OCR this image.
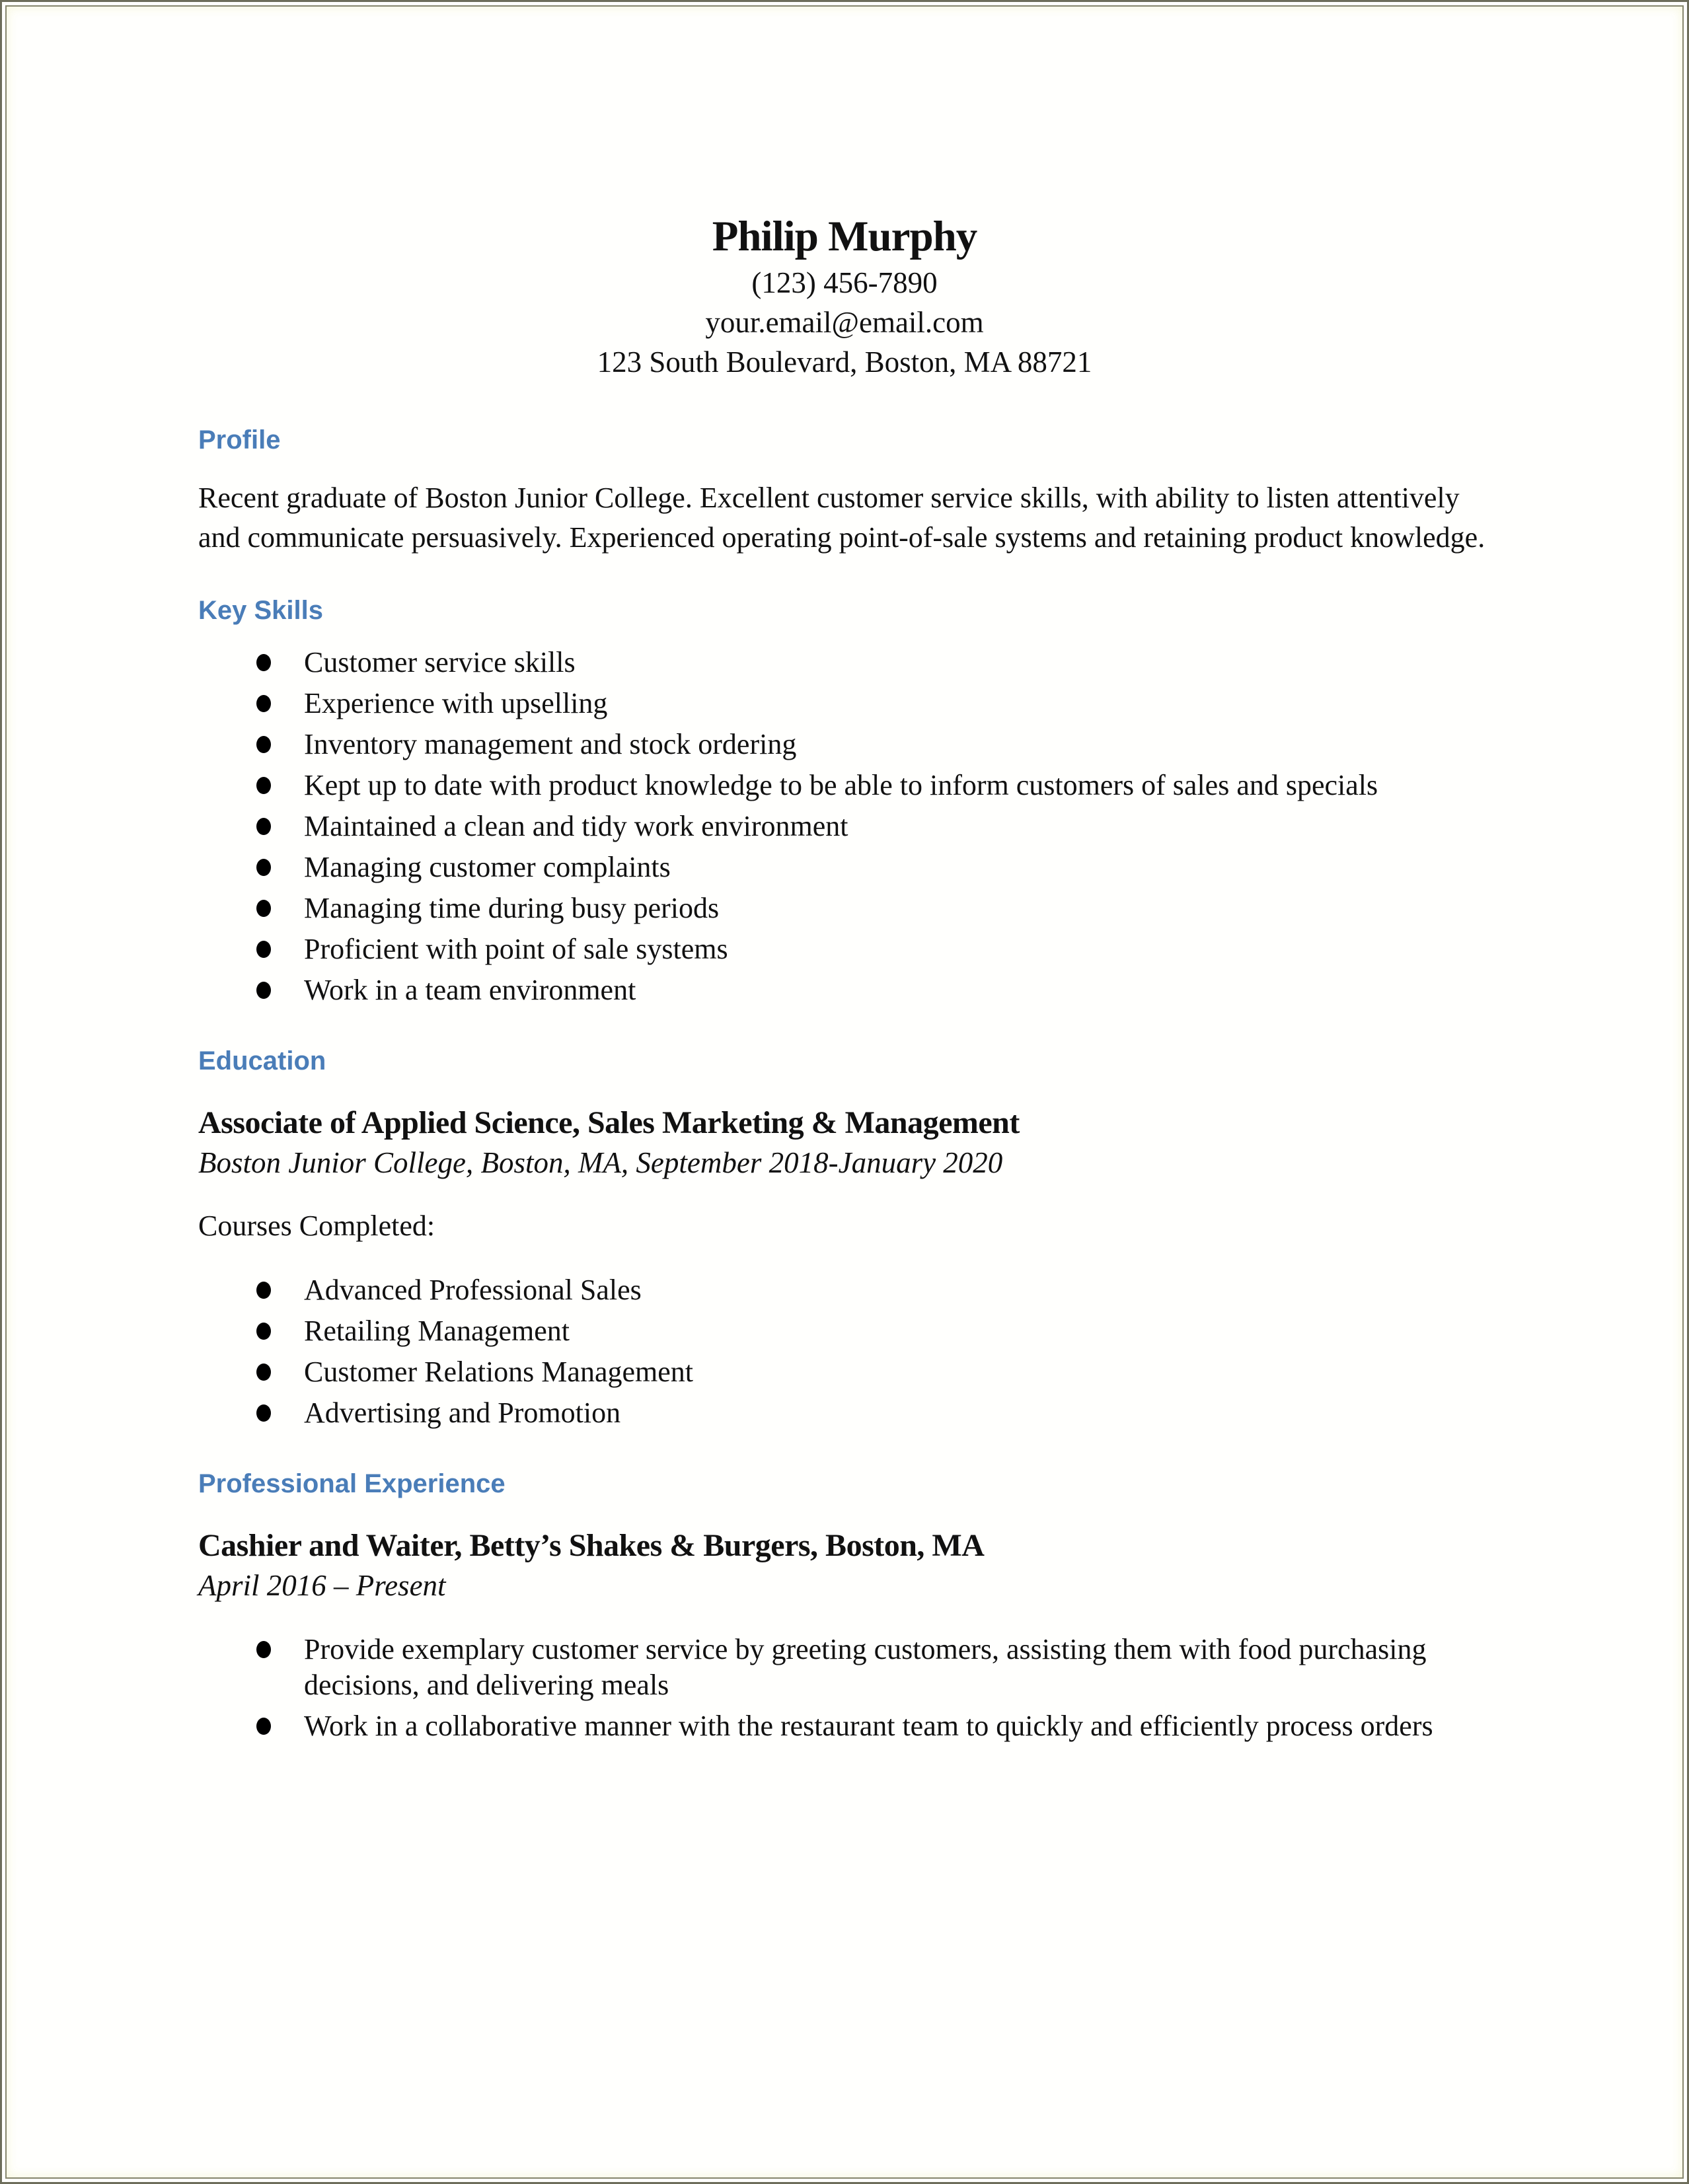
Philip Murphy
(123) 456-7890
your.email@email.com
123 South Boulevard, Boston, MA 88721
Profile

Recent graduate of Boston Junior College. Excellent customer service skills, with ability to listen attentively and communicate persuasively. Experienced operating point-of-sale systems and retaining product knowledge.

Key Skills
Customer service skills
Experience with upselling
Inventory management and stock ordering
Kept up to date with product knowledge to be able to inform customers of sales and specials
Maintained a clean and tidy work environment
Managing customer complaints
Managing time during busy periods
Proficient with point of sale systems
Work in a team environment
Education

Associate of Applied Science, Sales Marketing & Management

Boston Junior College, Boston, MA, September 2018-January 2020

Courses Completed:

Advanced Professional Sales
Retailing Management
Customer Relations Management
Advertising and Promotion
Professional Experience

Cashier and Waiter, Betty’s Shakes & Burgers, Boston, MA

April 2016 – Present

Provide exemplary customer service by greeting customers, assisting them with food purchasing decisions, and delivering meals
Work in a collaborative manner with the restaurant team to quickly and efficiently process orders
